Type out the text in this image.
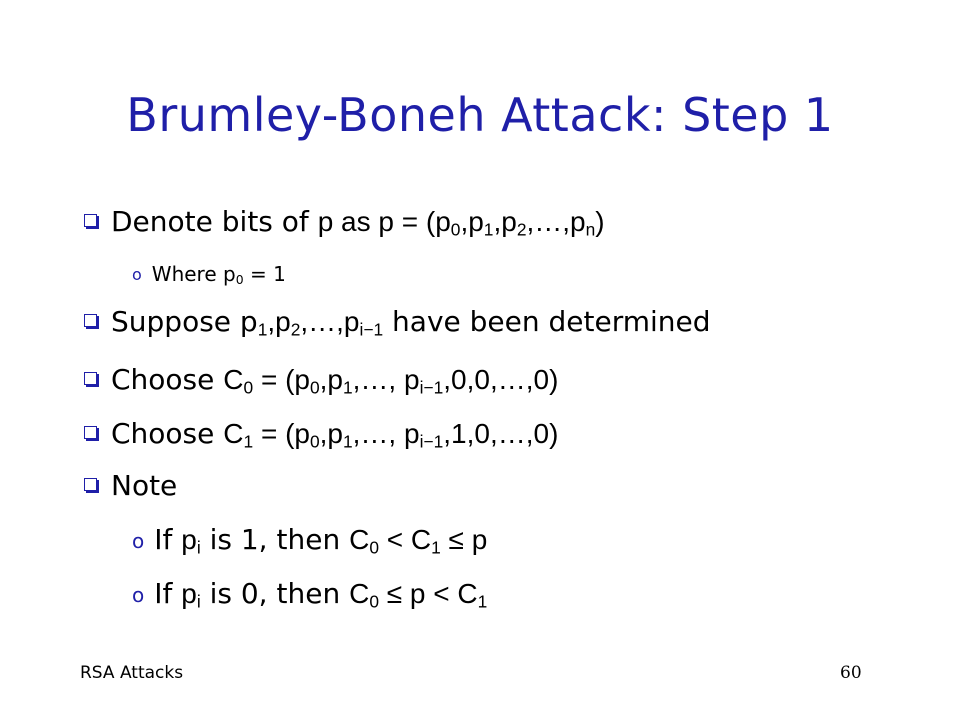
Brumley-Boneh Attack: Step 1
Denote bits of p as $p = (p_0,p_1,p_2,\dots,p_n)$
o Where $p_0 = 1$
Suppose $p_1,p_2,\dots,p_{i-1}$ have been determined
Choose $C_0$ = ($p_0,p_1,\dots$, $p_{i-1},0,0,\dots,0$)
Choose $C_1$ = ($p_0,p_1,\dots$, $p_{i-1},1,0,\dots,0$)
Note
o If $p_i$ is 1, then $C_0 < C_1 \le p$
o If $p_i$ is 0, then $C_0 \le p < C_1$
RSA Attacks	60
